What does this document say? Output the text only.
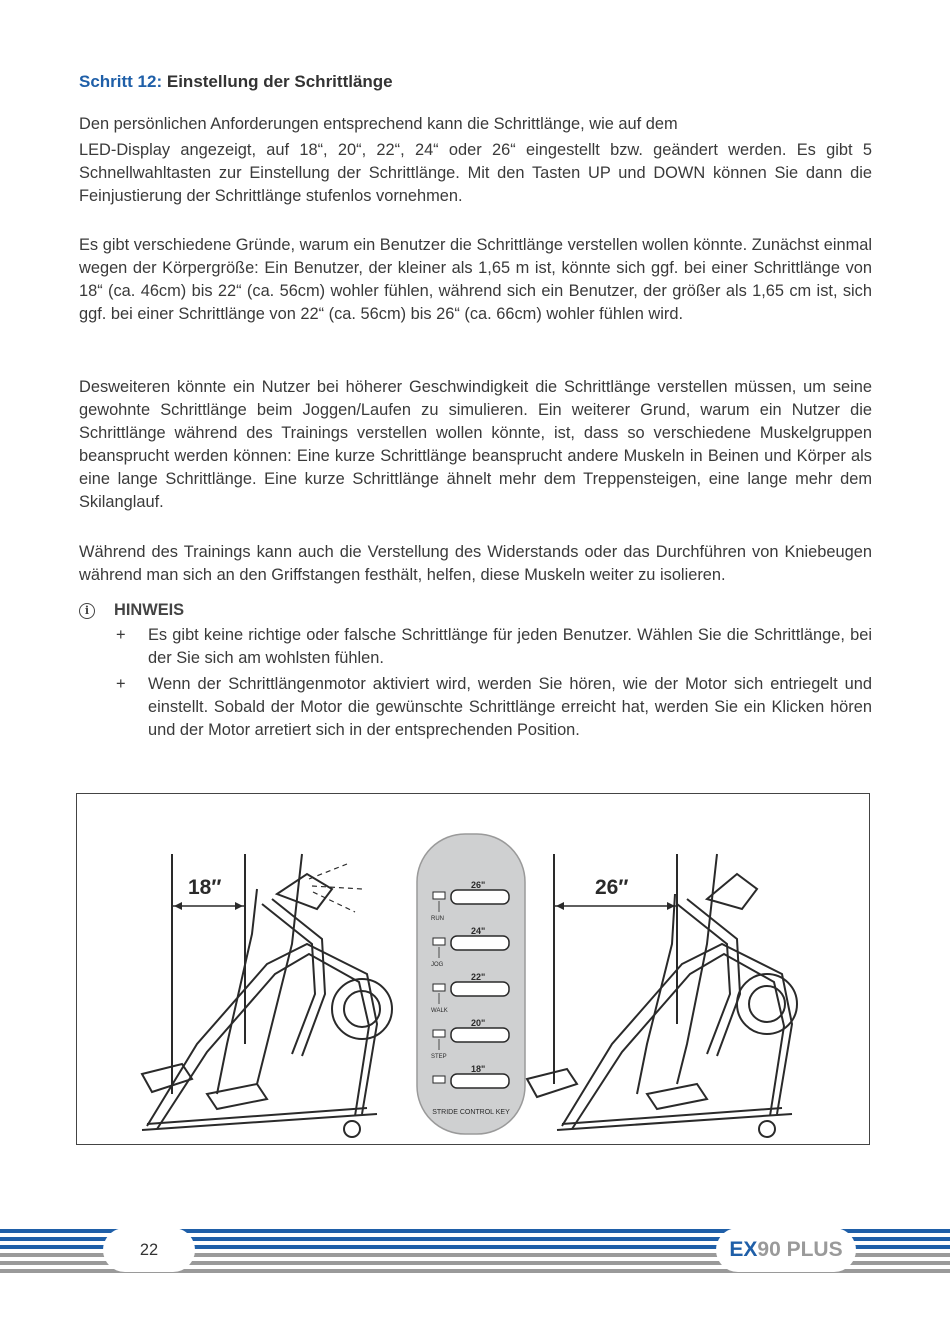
Schritt 12: Einstellung der Schrittlänge

Den persönlichen Anforderungen entsprechend kann die Schrittlänge, wie auf dem

LED-Display angezeigt, auf 18“, 20“, 22“, 24“ oder 26“ eingestellt bzw. geändert werden. Es gibt 5 Schnellwahltasten zur Einstellung der Schrittlänge. Mit den Tasten UP und DOWN können Sie dann die Feinjustierung der Schrittlänge stufenlos vornehmen.

Es gibt verschiedene Gründe, warum ein Benutzer die Schrittlänge verstellen wollen könnte. Zunächst einmal wegen der Körpergröße: Ein Benutzer, der kleiner als 1,65 m ist, könnte sich ggf. bei einer Schrittlänge von 18“ (ca. 46cm) bis 22“ (ca. 56cm) wohler fühlen, während sich ein Benutzer, der größer als 1,65 cm ist, sich ggf. bei einer Schrittlänge von 22“ (ca. 56cm) bis 26“ (ca. 66cm) wohler fühlen wird.

Desweiteren könnte ein Nutzer bei höherer Geschwindigkeit die Schrittlänge verstellen müssen, um seine gewohnte Schrittlänge beim Joggen/Laufen zu simulieren. Ein weiterer Grund, warum ein Nutzer die Schrittlänge während des Trainings verstellen wollen könnte, ist, dass so verschiedene Muskelgruppen beansprucht werden können: Eine kurze Schrittlänge beansprucht andere Muskeln in Beinen und Körper als eine lange Schrittlänge. Eine kurze Schrittlänge ähnelt mehr dem Treppensteigen, eine lange mehr dem Skilanglauf.

Während des Trainings kann auch die Verstellung des Widerstands oder das Durchführen von Kniebeugen während man sich an den Griffstangen festhält, helfen, diese Muskeln weiter zu isolieren.

i HINWEIS
+ Es gibt keine richtige oder falsche Schrittlänge für jeden Benutzer. Wählen Sie die Schrittlänge, bei der Sie sich am wohlsten fühlen.
+ Wenn der Schrittlängenmotor aktiviert wird, werden Sie hören, wie der Motor sich entriegelt und einstellt. Sobald der Motor die gewünschte Schrittlänge erreicht hat, werden Sie ein Klicken hören und der Motor arretiert sich in der entsprechenden Position.
18″	26″
26"
RUN
24"
JOG
22"
WALK
20"
STEP
18"
STRIDE CONTROL KEY
22	EX90 PLUS
